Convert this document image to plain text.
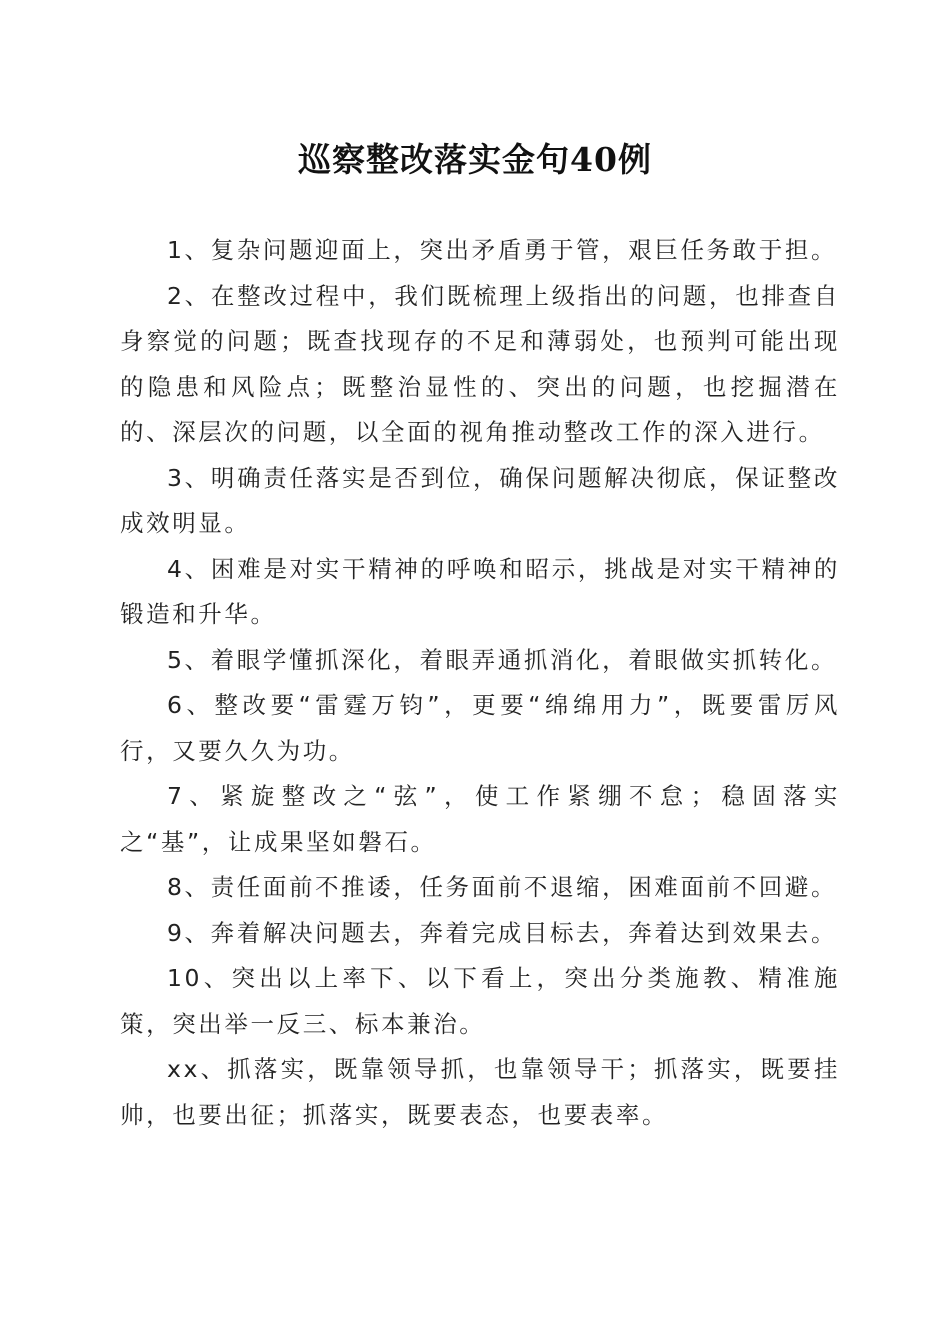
巡察整改落实金句40例

1、复杂问题迎面上，突出矛盾勇于管，艰巨任务敢于担。

2、在整改过程中，我们既梳理上级指出的问题，也排查自身察觉的问题；既查找现存的不足和薄弱处，也预判可能出现的隐患和风险点；既整治显性的、突出的问题，也挖掘潜在的、深层次的问题，以全面的视角推动整改工作的深入进行。

3、明确责任落实是否到位，确保问题解决彻底，保证整改成效明显。

4、困难是对实干精神的呼唤和昭示，挑战是对实干精神的锻造和升华。

5、着眼学懂抓深化，着眼弄通抓消化，着眼做实抓转化。

6、整改要“雷霆万钧”，更要“绵绵用力”，既要雷厉风行，又要久久为功。

7、紧旋整改之“弦”，使工作紧绷不怠；稳固落实之“基”，让成果坚如磐石。

8、责任面前不推诿，任务面前不退缩，困难面前不回避。

9、奔着解决问题去，奔着完成目标去，奔着达到效果去。

10、突出以上率下、以下看上，突出分类施教、精准施策，突出举一反三、标本兼治。

xx、抓落实，既靠领导抓，也靠领导干；抓落实，既要挂帅，也要出征；抓落实，既要表态，也要表率。
